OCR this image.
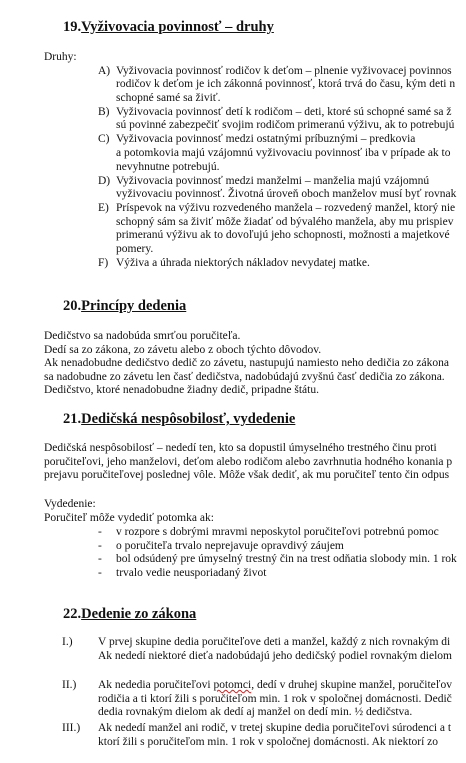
19.Vyživovacia povinnosť – druhy
Druhy:
20.Princípy dedenia
21.Dedičská nespôsobilosť, vydedenie
Vydedenie:
Poručiteľ môže vydediť potomka ak:
22.Dedenie zo zákona
A) Vyživovacia povinnosť rodičov k deťom – plnenie vyživovacej povinnos
rodičov k deťom je ich zákonná povinnosť, ktorá trvá do času, kým deti n
schopné samé sa živiť.
B) Vyživovacia povinnosť detí k rodičom – deti, ktoré sú schopné samé sa ž
sú povinné zabezpečiť svojim rodičom primeranú výživu, ak to potrebujú
C) Vyživovacia povinnosť medzi ostatnými príbuznými – predkovia
a potomkovia majú vzájomnú vyživovaciu povinnosť iba v prípade ak to
nevyhnutne potrebujú.
D) Vyživovacia povinnosť medzi manželmi – manželia majú vzájomnú
vyživovaciu povinnosť. Životná úroveň oboch manželov musí byť rovnak
E) Príspevok na výživu rozvedeného manžela – rozvedený manžel, ktorý nie
schopný sám sa živiť môže žiadať od bývalého manžela, aby mu prispiev
primeranú výživu ak to dovoľujú jeho schopnosti, možnosti a majetkové
pomery.
F) Výživa a úhrada niektorých nákladov nevydatej matke.
Dedičstvo sa nadobúda smrťou poručiteľa.
Dedí sa zo zákona, zo závetu alebo z oboch týchto dôvodov.
Ak nenadobudne dedičstvo dedič zo závetu, nastupujú namiesto neho dedičia zo zákona
sa nadobudne zo závetu len časť dedičstva, nadobúdajú zvyšnú časť dedičia zo zákona.
Dedičstvo, ktoré nenadobudne žiadny dedič, pripadne štátu.
Dedičská nespôsobilosť – nededí ten, kto sa dopustil úmyselného trestného činu proti
poručiteľovi, jeho manželovi, deťom alebo rodičom alebo zavrhnutia hodného konania p
prejavu poručiteľovej poslednej vôle. Môže však dediť, ak mu poručiteľ tento čin odpus
- v rozpore s dobrými mravmi neposkytol poručiteľovi potrebnú pomoc
- o poručiteľa trvalo neprejavuje opravdivý záujem
- bol odsúdený pre úmyselný trestný čin na trest odňatia slobody min. 1 rok
- trvalo vedie neusporiadaný život
I.) V prvej skupine dedia poručiteľove deti a manžel, každý z nich rovnakým di
Ak nededí niektoré dieťa nadobúdajú jeho dedičský podiel rovnakým dielom
II.) Ak nededia poručiteľovi potomci, dedí v druhej skupine manžel, poručiteľov
rodičia a ti ktorí žili s poručiteľom min. 1 rok v spoločnej domácnosti. Dedič
dedia rovnakým dielom ak dedí aj manžel on dedí min. ½ dedičstva.
III.) Ak nededí manžel ani rodič, v tretej skupine dedia poručiteľovi súrodenci a t
ktorí žili s poručiteľom min. 1 rok v spoločnej domácnosti. Ak niektorí zo
